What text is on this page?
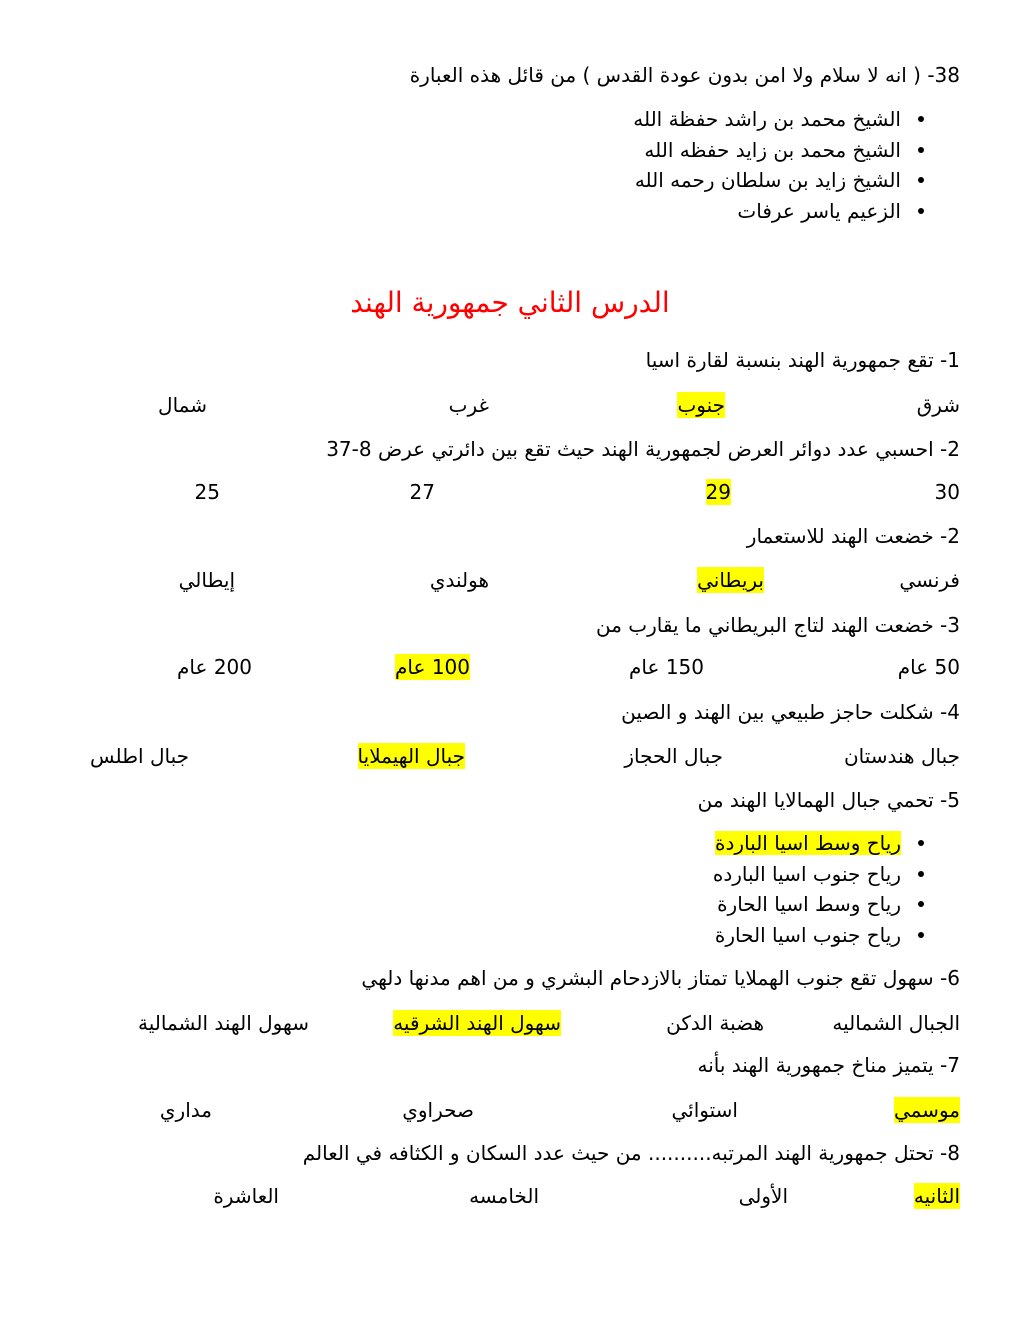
38- ( انه لا سلام ولا امن بدون عودة القدس ) من قائل هذه العبارة
الشيخ محمد بن راشد حفظة الله
الشيخ محمد بن زايد حفظه الله
الشيخ زايد بن سلطان رحمه الله
الزعيم ياسر عرفات
الدرس الثاني جمهورية الهند
1- تقع جمهورية الهند بنسبة لقارة اسيا
شرق
جنوب
غرب
شمال
2- احسبي عدد دوائر العرض لجمهورية الهند حيث تقع بين دائرتي عرض 8-37
30
29
27
25
2- خضعت الهند للاستعمار
فرنسي
بريطاني
هولندي
إيطالي
3- خضعت الهند لتاج البريطاني ما يقارب من
50 عام
150 عام
100 عام
200 عام
4- شكلت حاجز طبيعي بين الهند و الصين
جبال هندستان
جبال الحجاز
جبال الهيملايا
جبال اطلس
5- تحمي جبال الهمالايا الهند من
رياح وسط اسيا الباردة
رياح جنوب اسيا البارده
رياح وسط اسيا الحارة
رياح جنوب اسيا الحارة
6- سهول تقع جنوب الهملايا تمتاز بالازدحام البشري و من اهم مدنها دلهي
الجبال الشماليه
هضبة الدكن
سهول الهند الشرقيه
سهول الهند الشمالية
7- يتميز مناخ جمهورية الهند بأنه
موسمي
استوائي
صحراوي
مداري
8- تحتل جمهورية الهند المرتبه.......... من حيث عدد السكان و الكثافه في العالم
الثانيه
الأولى
الخامسه
العاشرة
